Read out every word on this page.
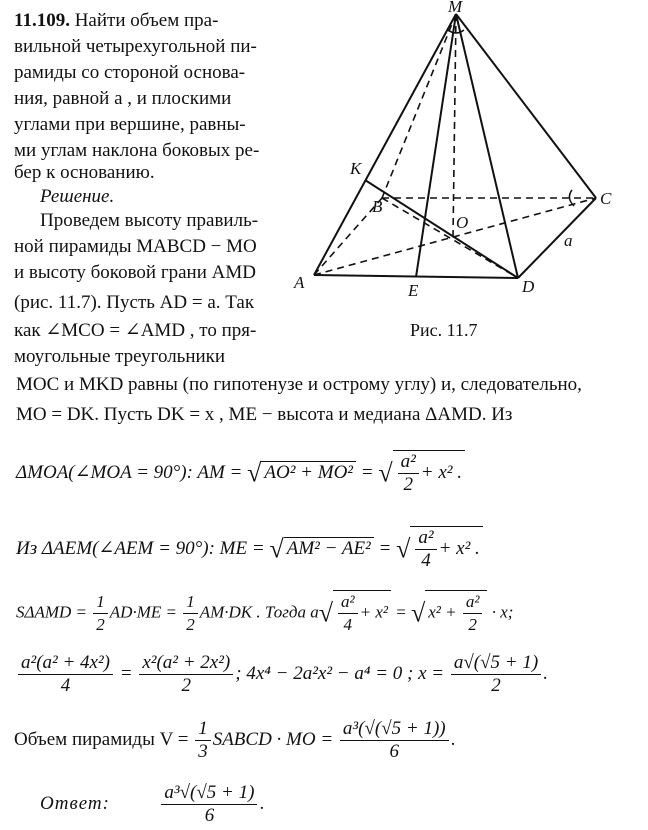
11.109. Найти объем пра-
вильной четырехугольной пи-
рамиды со стороной основа-
ния, равной a , и плоскими
углами при вершине, равны-
ми углам наклона боковых ре-
бер к основанию.
Решение.
Проведем высоту правиль-
ной пирамиды MABCD − MO
и высоту боковой грани AMD
(рис. 11.7). Пусть AD = a. Так
как ∠MCO = ∠AMD , то пря-
моугольные треугольники
MOC и MKD равны (по гипотенузе и острому углу) и, следовательно,
MO = DK. Пусть DK = x , ME − высота и медиана ΔAMD. Из
ΔMOA(∠MOA = 90°): AM = √ AO² + MO² = √ $\frac{\text{a²}}{2} + x^2$ .
Из ΔAEM(∠AEM = 90°): ME = √ AM² − AE² = √ $\frac{\text{a²}}{4} + x^2$ .
$S\Delta AMD = \frac{1}{2} AD\cdot ME = \frac{1}{2} AM\cdot DK$ . Тогда $a√ \frac{\text{a²}}{4} + x^2$ = √ $x^2 + \frac{\text{a²}}{2} \cdot x$;
$\frac{\text{a²(a² + 4x²)}}{4} = \frac{\text{x²(a² + 2x²)}}{2}$ ; 4x⁴ − 2a²x² − a⁴ = 0 ; $x = \frac{a√(√5 + 1)}{2}$ .
Объем пирамиды $V = \frac{1}{3}$ SABCD · MO = $\frac{\text{a³(√(√5 + 1))}}{6}$ .
Ответ:	$\frac{\text{a³√(√5 + 1)}}{6}$ .
M
K
B	C
O
A	E	D
a
Рис. 11.7
